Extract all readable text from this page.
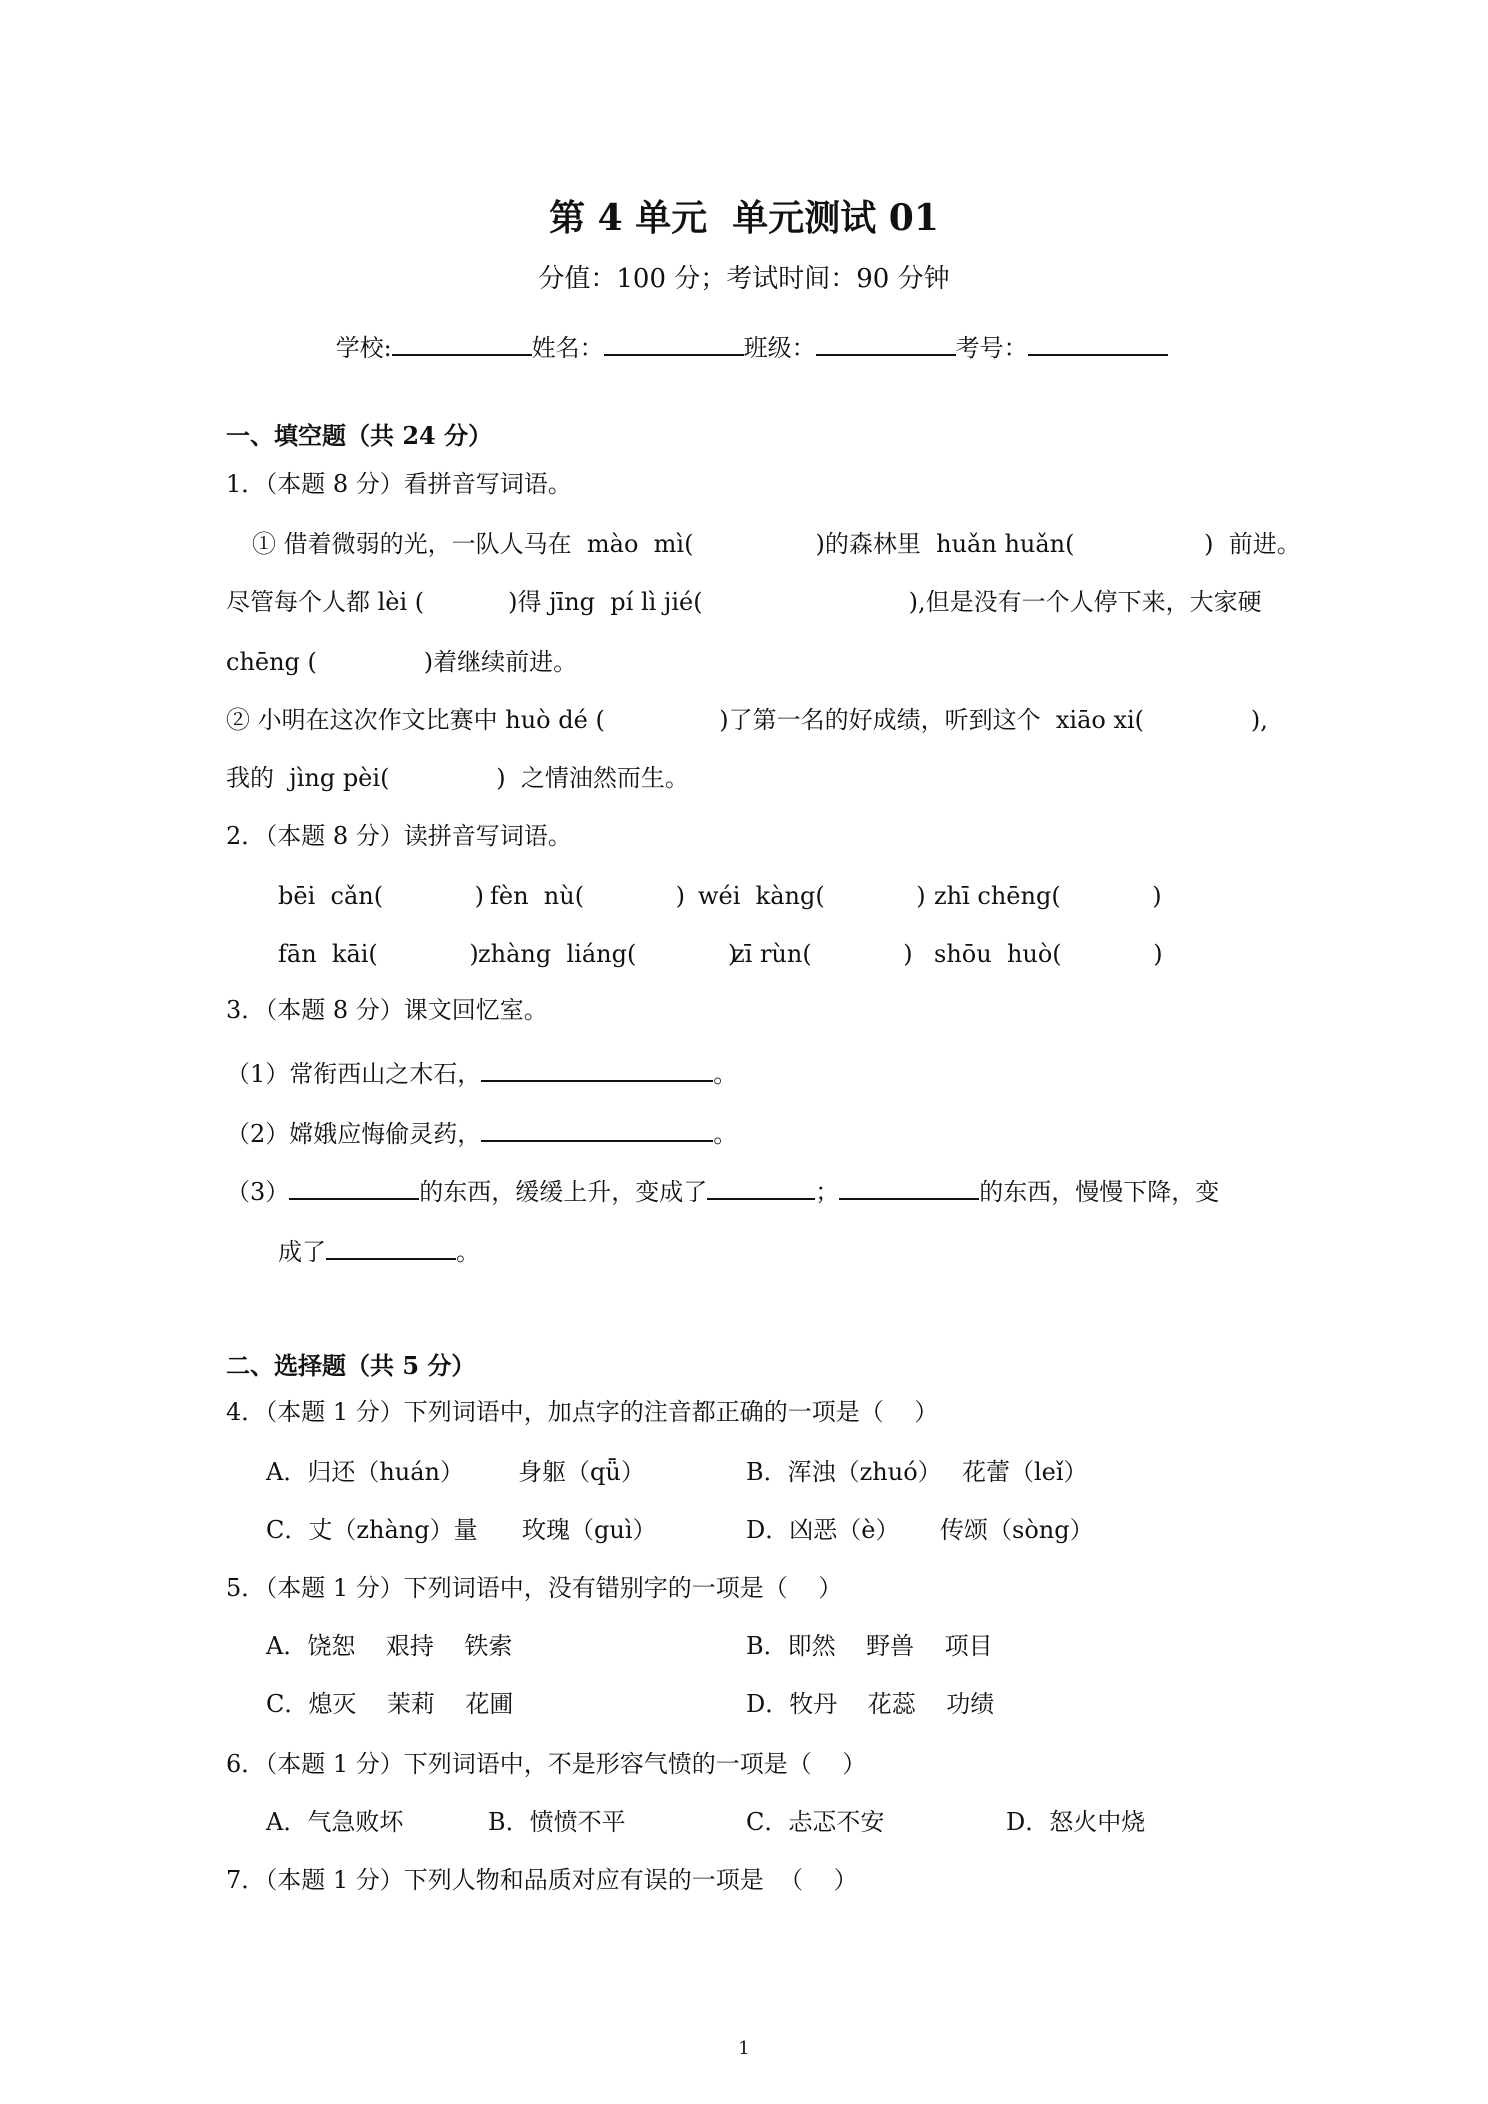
第 4 单元  单元测试 01
分值：100 分；考试时间：90 分钟

学校:	姓名：	班级：	考号：

一、填空题（共 24 分）
1．（本题 8 分）看拼音写词语。
① 借着微弱的光，一队人马在  mào  mì(                )的森林里  huǎn huǎn(                 )  前进。
尽管每个人都 lèi (           )得 jīng  pí lì jié(                           ),但是没有一个人停下来，大家硬
chēng (              )着继续前进。
② 小明在这次作文比赛中 huò dé (               )了第一名的好成绩，听到这个  xiāo xi(              ),
我的  jìng pèi(              )  之情油然而生。
2．（本题 8 分）读拼音写词语。
bēi  cǎn(            ) fèn  nù(            ) wéi  kàng(            ) zhī chēng(            )
fān  kāi(            ) zhàng  liáng(            )
zī rùn(            ) shōu  huò(            )
3．（本题 8 分）课文回忆室。
（1）常衔西山之木石，	。
（2）嫦娥应悔偷灵药，	。
（3）	的东西，缓缓上升，变成了	；	的东西，慢慢下降，变
成了	。
二、选择题（共 5 分）
4．（本题 1 分）下列词语中，加点字的注音都正确的一项是（    ）
A．归还（huán） 身躯（qǖ）	B．浑浊（zhuó） 花蕾（leǐ）
C．丈（zhàng）量 玫瑰（guì）	D．凶恶（è） 传颂（sòng）
5．（本题 1 分）下列词语中，没有错别字的一项是（    ）
A．饶恕    艰持    铁索	B．即然    野兽    项目
C．熄灭    茉莉    花圃	D．牧丹    花蕊    功绩
6．（本题 1 分）下列词语中，不是形容气愤的一项是（    ）
A．气急败坏	B．愤愤不平	C．忐忑不安	D．怒火中烧
7．（本题 1 分）下列人物和品质对应有误的一项是  （    ）
1
